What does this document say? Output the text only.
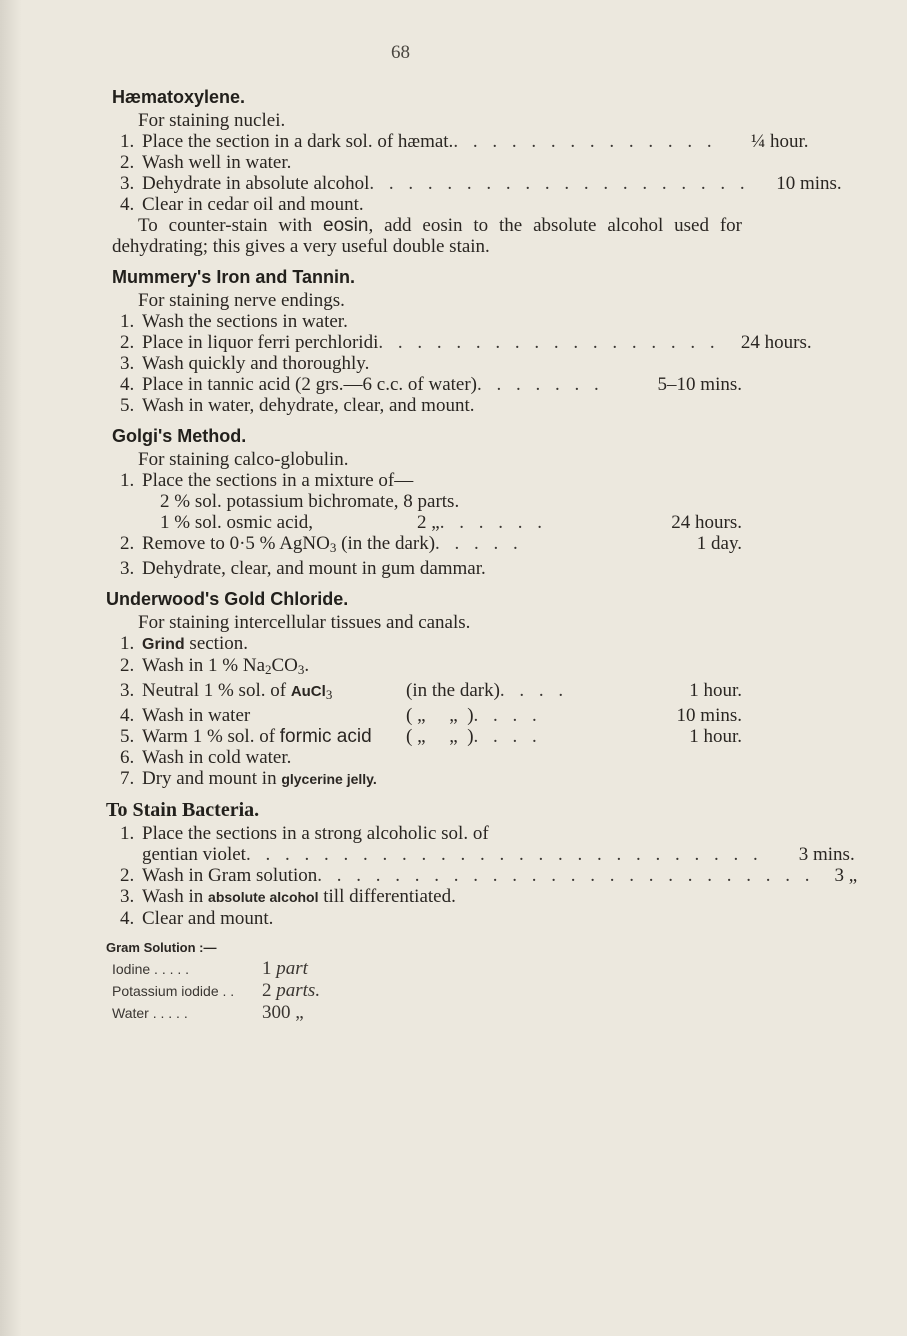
68
Hæmatoxylene.
For staining nuclei.
1. Place the section in a dark sol. of hæmat. . . . . . . . . . . . . . .	¼ hour.
2. Wash well in water.
3. Dehydrate in absolute alcohol . . . . . . . . . . . . . . . . . . . .	10 mins.
4. Clear in cedar oil and mount.
To counter-stain with eosin, add eosin to the absolute alcohol used for dehydrating; this gives a very useful double stain.
Mummery's Iron and Tannin.
For staining nerve endings.
1. Wash the sections in water.
2. Place in liquor ferri perchloridi . . . . . . . . . . . . . . . . . .	24 hours.
3. Wash quickly and thoroughly.
4. Place in tannic acid (2 grs.—6 c.c. of water) . . . . . . .	5–10 mins.
5. Wash in water, dehydrate, clear, and mount.
Golgi's Method.
For staining calco-globulin.
1. Place the sections in a mixture of—
2 % sol. potassium bichromate, 8 parts.
1 % sol. osmic acid,	2 „ . . . . . .	24 hours.
2. Remove to 0·5 % AgNO$_3$ (in the dark) . . . . .	1 day.
3. Dehydrate, clear, and mount in gum dammar.
Underwood's Gold Chloride.
For staining intercellular tissues and canals.
1. Grind section.
2. Wash in 1 % $Na_2CO_3$.
3. Neutral 1 % sol. of AuCl$_3$	(in the dark) . . . .	1 hour.
4. Wash in water	( „     „  ) . . . .	10 mins.
5. Warm 1 % sol. of formic acid	( „     „  ) . . . .	1 hour.
6. Wash in cold water.
7. Dry and mount in glycerine jelly.
To Stain Bacteria.
1. Place the sections in a strong alcoholic sol. of
gentian violet . . . . . . . . . . . . . . . . . . . . . . . . . . .	3 mins.
2. Wash in Gram solution . . . . . . . . . . . . . . . . . . . . . . . . . .	3 „
3. Wash in absolute alcohol till differentiated.
4. Clear and mount.
Gram Solution :—
Iodine . . . . .	1 part
Potassium iodide . .	2 parts.
Water . . . . .	300 „
